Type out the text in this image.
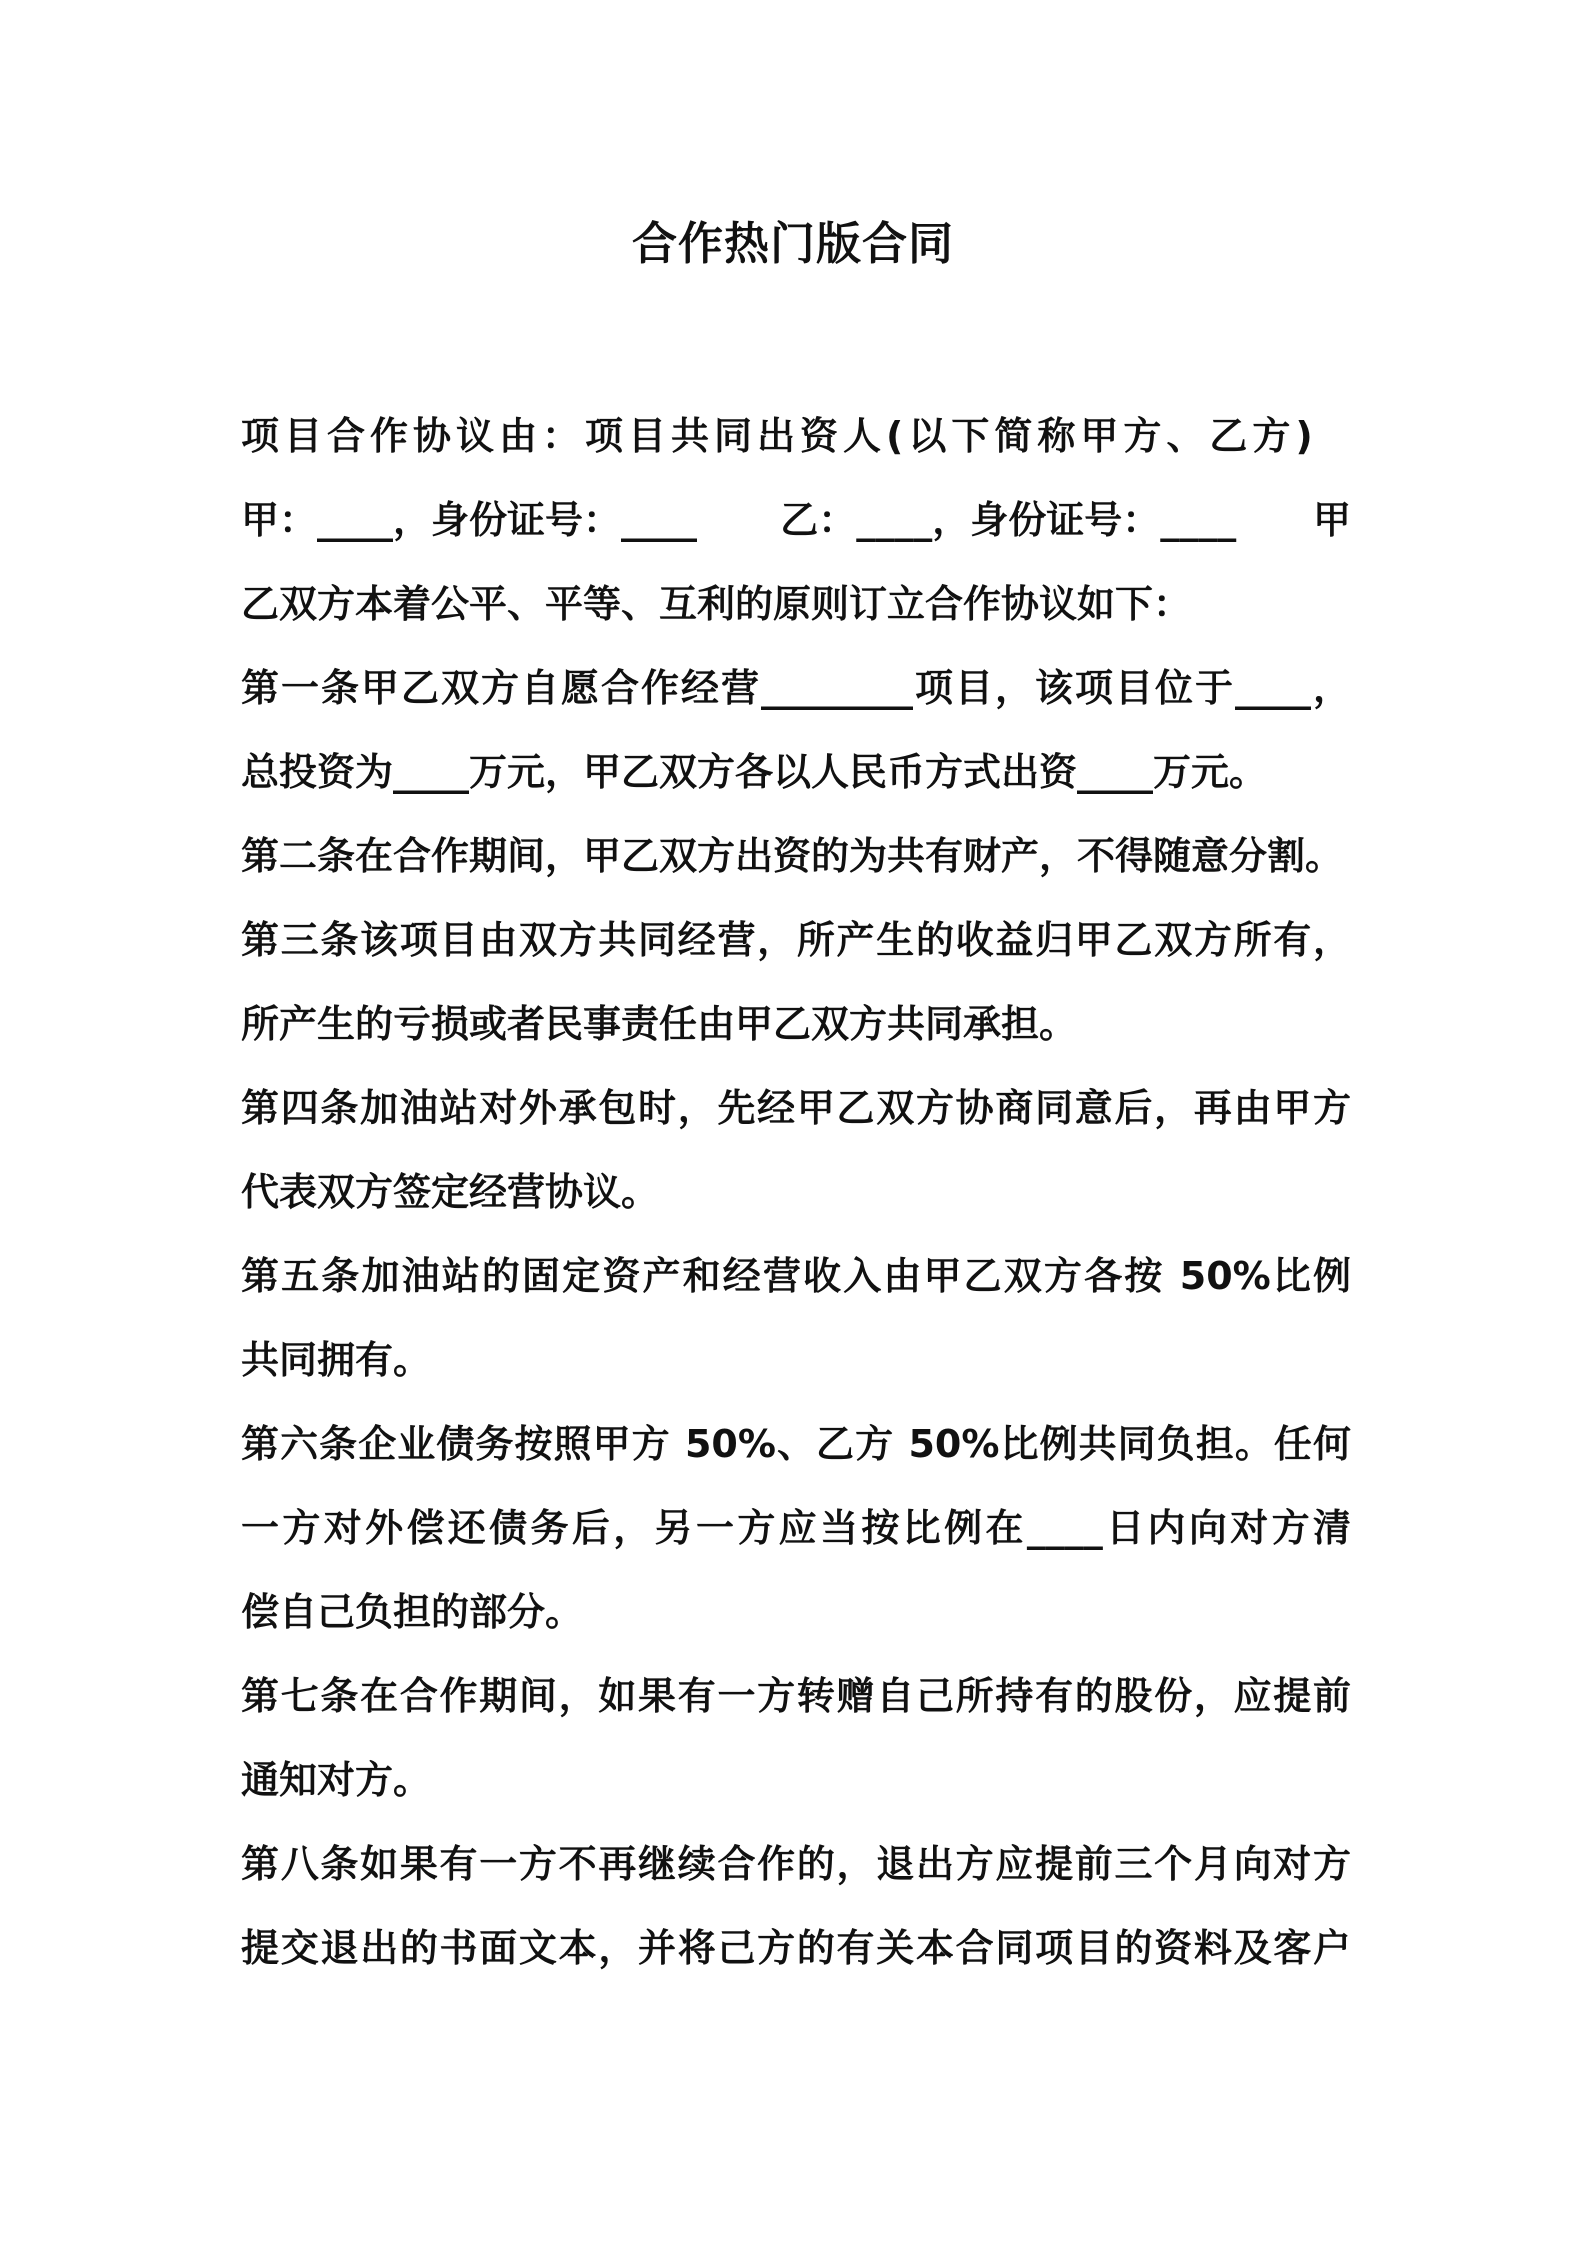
合作热门版合同
项目合作协议由：项目共同出资人(以下简称甲方、乙方)
甲：____，身份证号：____ 乙：____，身份证号：____ 甲
乙双方本着公平、平等、互利的原则订立合作协议如下：
第一条甲乙双方自愿合作经营________项目，该项目位于____，
总投资为____万元，甲乙双方各以人民币方式出资____万元。
第二条在合作期间，甲乙双方出资的为共有财产，不得随意分割。
第三条该项目由双方共同经营，所产生的收益归甲乙双方所有，
所产生的亏损或者民事责任由甲乙双方共同承担。
第四条加油站对外承包时，先经甲乙双方协商同意后，再由甲方
代表双方签定经营协议。
第五条加油站的固定资产和经营收入由甲乙双方各按 50%比例
共同拥有。
第六条企业债务按照甲方 50%、乙方 50%比例共同负担。任何
一方对外偿还债务后，另一方应当按比例在____日内向对方清
偿自己负担的部分。
第七条在合作期间，如果有一方转赠自己所持有的股份，应提前
通知对方。
第八条如果有一方不再继续合作的，退出方应提前三个月向对方
提交退出的书面文本，并将己方的有关本合同项目的资料及客户
